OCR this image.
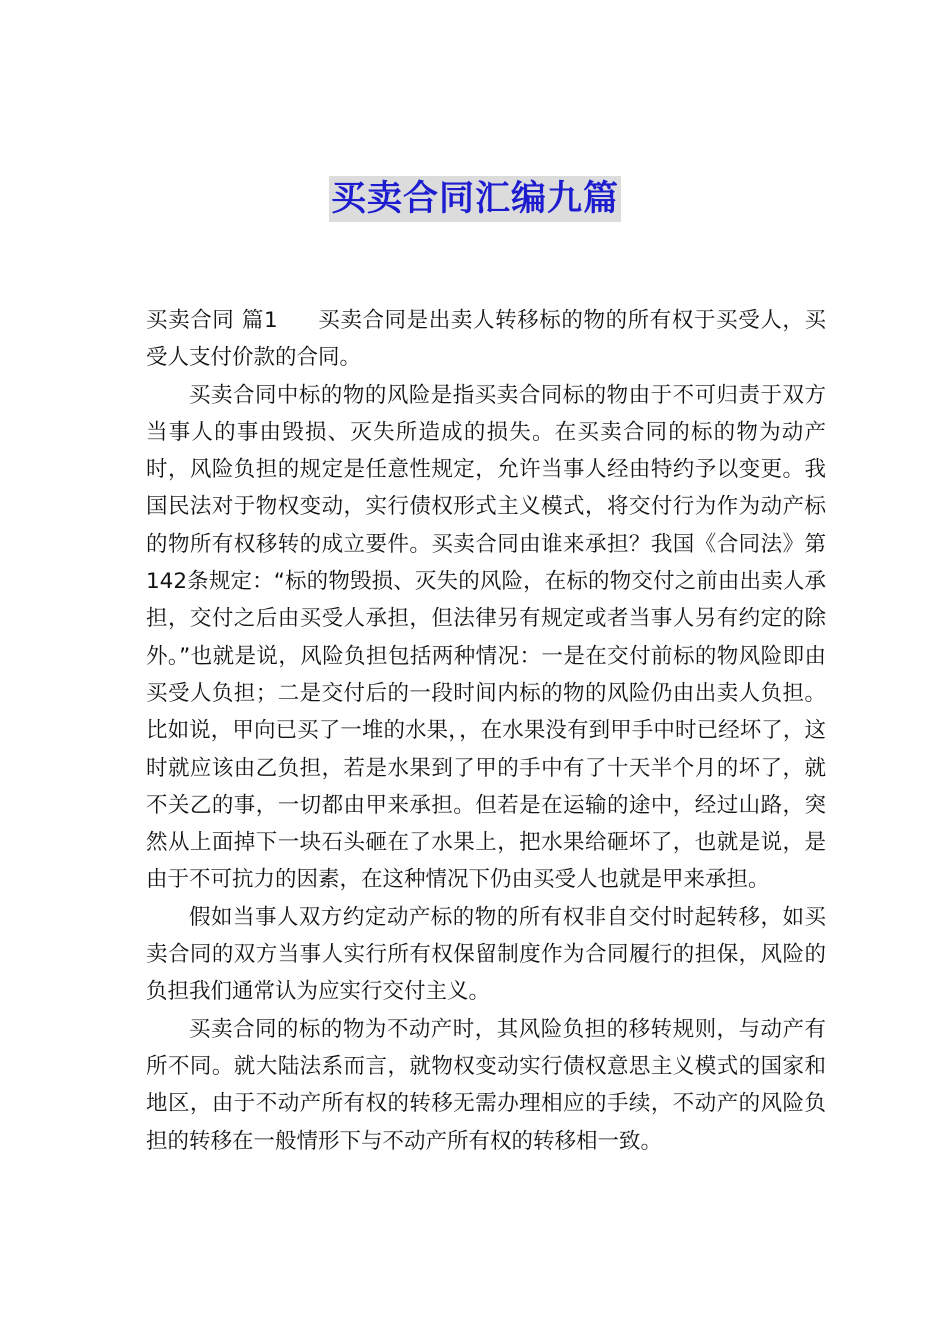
买卖合同汇编九篇

买卖合同 篇1 买卖合同是出卖人转移标的物的所有权于买受人，买受人支付价款的合同。

买卖合同中标的物的风险是指买卖合同标的物由于不可归责于双方当事人的事由毁损、灭失所造成的损失。在买卖合同的标的物为动产时，风险负担的规定是任意性规定，允许当事人经由特约予以变更。我国民法对于物权变动，实行债权形式主义模式，将交付行为作为动产标的物所有权移转的成立要件。买卖合同由谁来承担？我国《合同法》第142条规定：“标的物毁损、灭失的风险，在标的物交付之前由出卖人承担，交付之后由买受人承担，但法律另有规定或者当事人另有约定的除外。”也就是说，风险负担包括两种情况：一是在交付前标的物风险即由买受人负担；二是交付后的一段时间内标的物的风险仍由出卖人负担。比如说，甲向已买了一堆的水果，，在水果没有到甲手中时已经坏了，这时就应该由乙负担，若是水果到了甲的手中有了十天半个月的坏了，就不关乙的事，一切都由甲来承担。但若是在运输的途中，经过山路，突然从上面掉下一块石头砸在了水果上，把水果给砸坏了，也就是说，是由于不可抗力的因素，在这种情况下仍由买受人也就是甲来承担。

假如当事人双方约定动产标的物的所有权非自交付时起转移，如买卖合同的双方当事人实行所有权保留制度作为合同履行的担保，风险的负担我们通常认为应实行交付主义。

买卖合同的标的物为不动产时，其风险负担的移转规则，与动产有所不同。就大陆法系而言，就物权变动实行债权意思主义模式的国家和地区，由于不动产所有权的转移无需办理相应的手续，不动产的风险负担的转移在一般情形下与不动产所有权的转移相一致。
